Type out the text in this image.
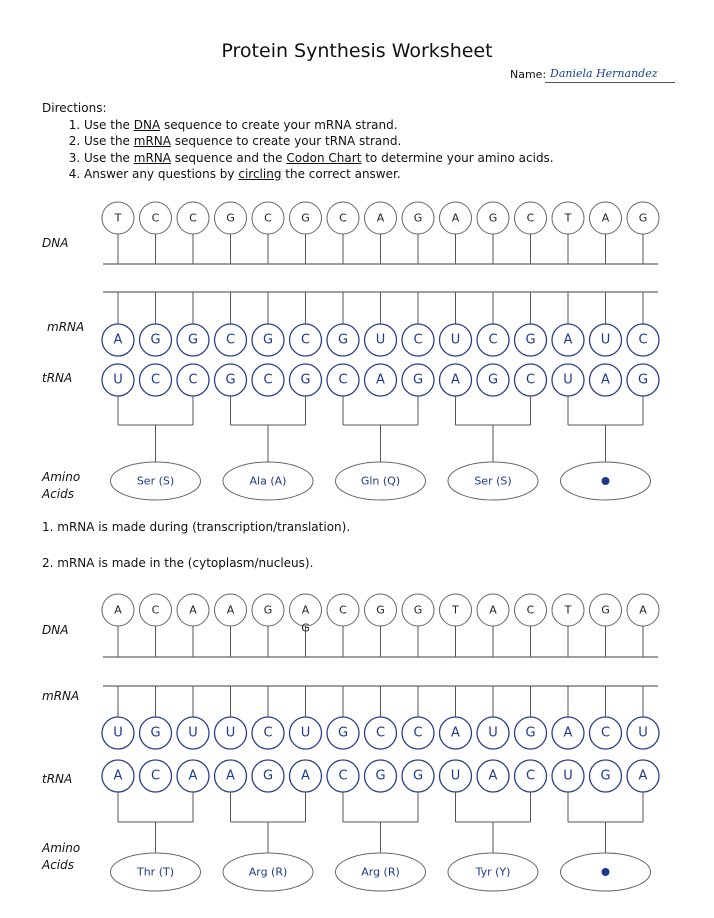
Protein Synthesis Worksheet
Name: Daniela Hernandez
Directions:
1. Use the DNA sequence to create your mRNA strand.
2. Use the mRNA sequence to create your tRNA strand.
3. Use the mRNA sequence and the Codon Chart to determine your amino acids.
4. Answer any questions by circling the correct answer.
DNA
mRNA
tRNA
Amino
Acids
1. mRNA is made during (transcription/translation).
2. mRNA is made in the (cytoplasm/nucleus).
DNA
mRNA
tRNA
Amino
Acids
T	C	C	G	C	G	C	A	G	A	G	C	T	A	G
A G G C G C G U C U C G A U C
U C C G C G C A G A G C U A G
Ser (S)	Ala (A)	Gln (Q)	Ser (S)
A	C	A	A	G	A	C	G	G	T	A	C	T	G	A
G
U G U U C U G C C A U G A C U
A C A A G A C G G U A C U G A
Thr (T)	Arg (R)	Arg (R)	Tyr (Y)
